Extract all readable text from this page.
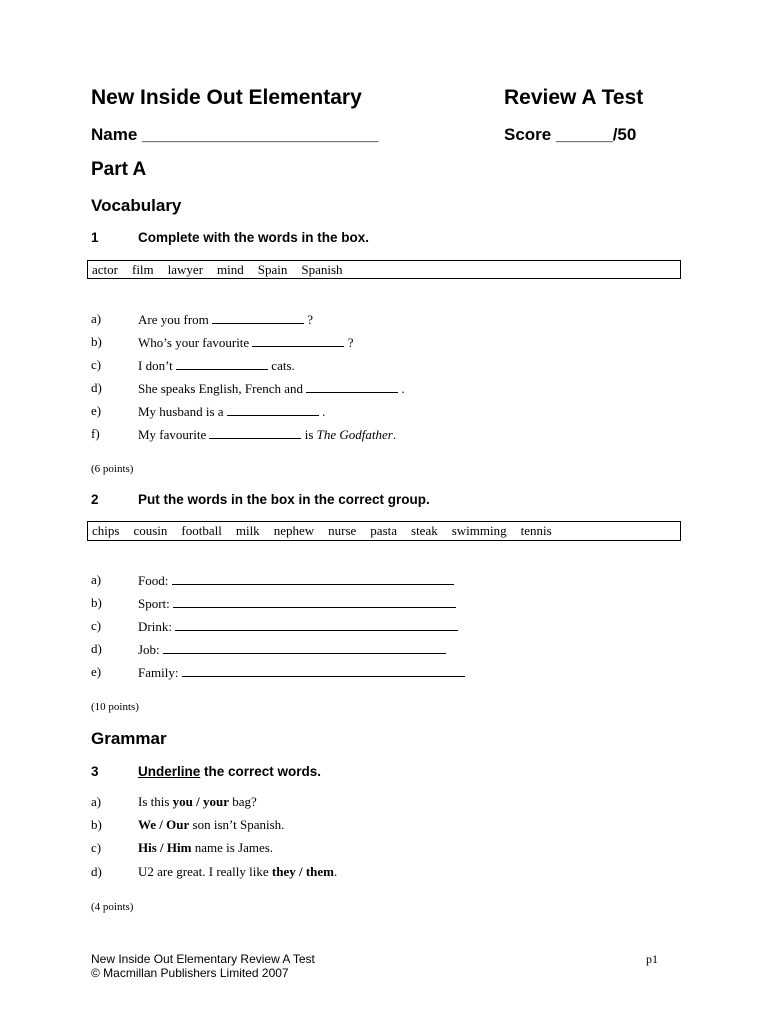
New Inside Out Elementary	Review A Test
Name _________________________	Score ______/50
Part A
Vocabulary
1	Complete with the words in the box.
actor film lawyer mind Spain Spanish
a)	Are you from	?
b)	Who’s your favourite	?
c)	I don’t	cats.
d)	She speaks English, French and	.
e)	My husband is a	.
f)	My favourite	is The Godfather.
(6 points)
2	Put the words in the box in the correct group.
chips cousin football milk nephew nurse pasta steak swimming tennis
a)	Food:
b)	Sport:
c)	Drink:
d)	Job:
e)	Family:
(10 points)
Grammar
3	Underline the correct words.
a)	Is this you / your bag?
b)	We / Our son isn’t Spanish.
c)	His / Him name is James.
d)	U2 are great. I really like they / them.
(4 points)
New Inside Out Elementary Review A Test
© Macmillan Publishers Limited 2007
p1
